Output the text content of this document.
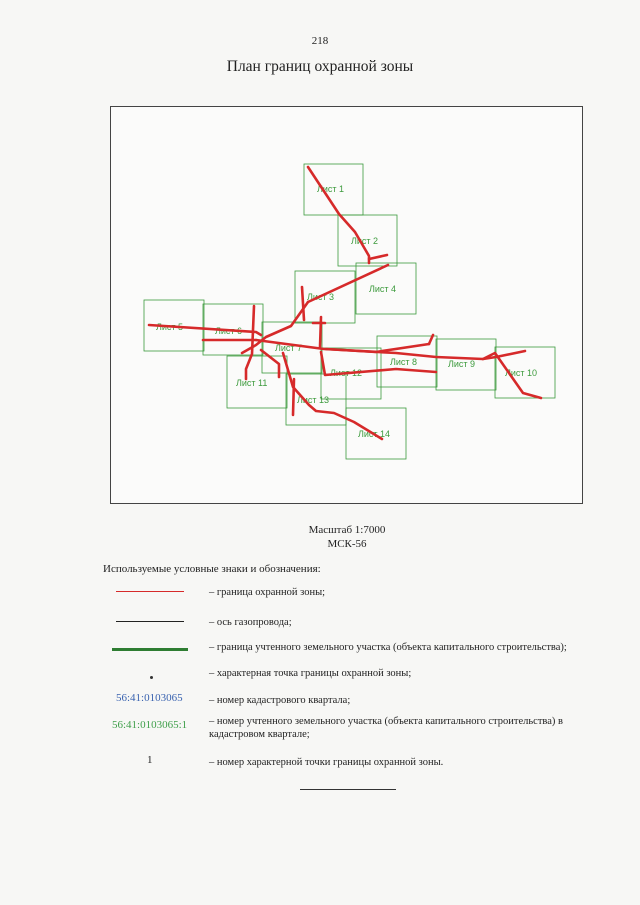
218
План границ охранной зоны
Лист 1
Лист 2
Лист 3
Лист 4
Лист 5	Лист 6
Лист 7
Лист 8	Лист 9
Лист 10
Лист 11
Лист 12
Лист 13
Лист 14
Масштаб 1:7000
МСК-56
Используемые условные знаки и обозначения:
– граница охранной зоны;
– ось газопровода;
– граница учтенного земельного участка (объекта капитального строительства);
– характерная точка границы охранной зоны;
56:41:0103065	– номер кадастрового квартала;
56:41:0103065:1 – номер учтенного земельного участка (объекта капитального строительства) в кадастровом квартале;
1	– номер характерной точки границы охранной зоны.
